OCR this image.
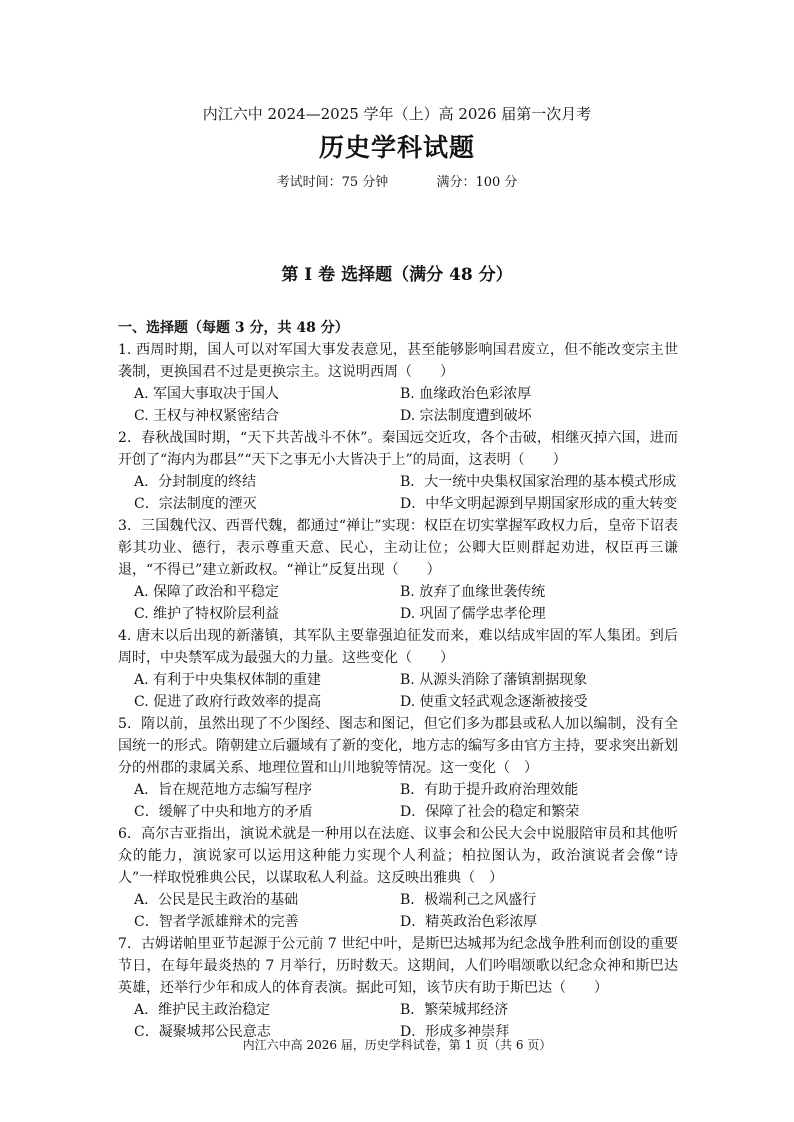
内江六中 2024—2025 学年（上）高 2026 届第一次月考
历史学科试题
考试时间：75 分钟	满分：100 分
第 I 卷 选择题（满分 48 分）
一、选择题（每题 3 分，共 48 分）
1. 西周时期，国人可以对军国大事发表意见，甚至能够影响国君废立，但不能改变宗主世袭制，更换国君不过是更换宗主。这说明西周（　　）
A. 军国大事取决于国人	B. 血缘政治色彩浓厚
C. 王权与神权紧密结合	D. 宗法制度遭到破坏
2．春秋战国时期，“天下共苦战斗不休”。秦国远交近攻，各个击破，相继灭掉六国，进而开创了“海内为郡县”“天下之事无小大皆决于上”的局面，这表明（　　）
A．分封制度的终结	B．大一统中央集权国家治理的基本模式形成
C．宗法制度的湮灭	D．中华文明起源到早期国家形成的重大转变
3．三国魏代汉、西晋代魏，都通过“禅让”实现：权臣在切实掌握军政权力后，皇帝下诏表彰其功业、德行，表示尊重天意、民心，主动让位；公卿大臣则群起劝进，权臣再三谦退，“不得已”建立新政权。“禅让”反复出现（　　）
A. 保障了政治和平稳定	B. 放弃了血缘世袭传统
C. 维护了特权阶层利益	D. 巩固了儒学忠孝伦理
4. 唐末以后出现的新藩镇，其军队主要靠强迫征发而来，难以结成牢固的军人集团。到后周时，中央禁军成为最强大的力量。这些变化（　　）
A. 有利于中央集权体制的重建	B. 从源头消除了藩镇割据现象
C. 促进了政府行政效率的提高	D. 使重文轻武观念逐渐被接受
5．隋以前，虽然出现了不少图经、图志和图记，但它们多为郡县或私人加以编制，没有全国统一的形式。隋朝建立后疆域有了新的变化，地方志的编写多由官方主持，要求突出新划分的州郡的隶属关系、地理位置和山川地貌等情况。这一变化（　）
A．旨在规范地方志编写程序	B．有助于提升政府治理效能
C．缓解了中央和地方的矛盾	D．保障了社会的稳定和繁荣
6．高尔吉亚指出，演说术就是一种用以在法庭、议事会和公民大会中说服陪审员和其他听众的能力，演说家可以运用这种能力实现个人利益；柏拉图认为，政治演说者会像“诗人”一样取悦雅典公民，以谋取私人利益。这反映出雅典（　）
A．公民是民主政治的基础	B．极端利己之风盛行
C．智者学派雄辩术的完善	D．精英政治色彩浓厚
7．古姆诺帕里亚节起源于公元前 7 世纪中叶，是斯巴达城邦为纪念战争胜利而创设的重要节日，在每年最炎热的 7 月举行，历时数天。这期间，人们吟唱颂歌以纪念众神和斯巴达英雄，还举行少年和成人的体育表演。据此可知，该节庆有助于斯巴达（　　）
A．维护民主政治稳定	B．繁荣城邦经济
C．凝聚城邦公民意志	D．形成多神崇拜
内江六中高 2026 届，历史学科试卷，第 1 页（共 6 页）
